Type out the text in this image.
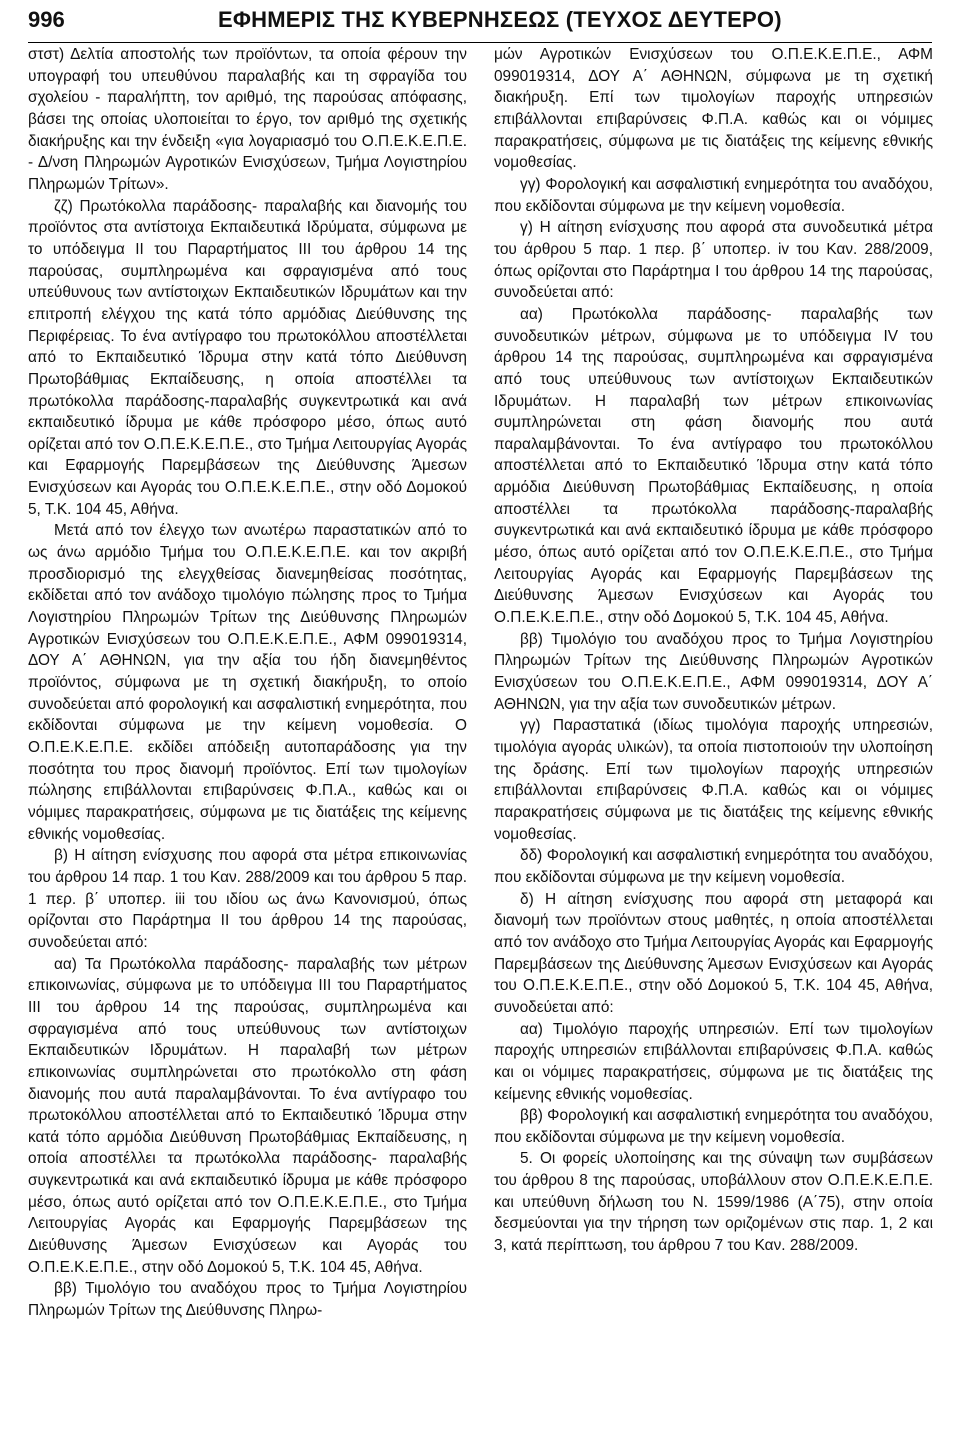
996	ΕΦΗΜΕΡΙΣ ΤΗΣ ΚΥΒΕΡΝΗΣΕΩΣ (ΤΕΥΧΟΣ ΔΕΥΤΕΡΟ)

στστ) Δελτία αποστολής των προϊόντων, τα οποία φέρουν την υπογραφή του υπευθύνου παραλαβής και τη σφραγίδα του σχολείου - παραλήπτη, τον αριθμό, της παρούσας απόφασης, βάσει της οποίας υλοποιείται το έργο, τον αριθμό της σχετικής διακήρυξης και την ένδειξη «για λογαριασμό του Ο.Π.Ε.Κ.Ε.Π.Ε. - Δ/νση Πληρωμών Αγροτικών Ενισχύσεων, Τμήμα Λογιστηρίου Πληρωμών Τρίτων».

ζζ) Πρωτόκολλα παράδοσης- παραλαβής και διανομής του προϊόντος στα αντίστοιχα Εκπαιδευτικά Ιδρύματα, σύμφωνα με το υπόδειγμα ΙΙ του Παραρτήματος ΙΙΙ του άρθρου 14 της παρούσας, συμπληρωμένα και σφραγισμένα από τους υπεύθυνους των αντίστοιχων Εκπαιδευτικών Ιδρυμάτων και την επιτροπή ελέγχου της κατά τόπο αρμόδιας Διεύθυνσης της Περιφέρειας. Το ένα αντίγραφο του πρωτοκόλλου αποστέλλεται από το Εκπαιδευτικό Ίδρυμα στην κατά τόπο Διεύθυνση Πρωτοβάθμιας Εκπαίδευσης, η οποία αποστέλλει τα πρωτόκολλα παράδοσης-παραλαβής συγκεντρωτικά και ανά εκπαιδευτικό ίδρυμα με κάθε πρόσφορο μέσο, όπως αυτό ορίζεται από τον Ο.Π.Ε.Κ.Ε.Π.Ε., στο Τμήμα Λειτουργίας Αγοράς και Εφαρμογής Παρεμβάσεων της Διεύθυνσης Άμεσων Ενισχύσεων και Αγοράς του Ο.Π.Ε.Κ.Ε.Π.Ε., στην οδό Δομοκού 5, Τ.Κ. 104 45, Αθήνα.

Μετά από τον έλεγχο των ανωτέρω παραστατικών από το ως άνω αρμόδιο Τμήμα του Ο.Π.Ε.Κ.Ε.Π.Ε. και τον ακριβή προσδιορισμό της ελεγχθείσας διανεμηθείσας ποσότητας, εκδίδεται από τον ανάδοχο τιμολόγιο πώλησης προς το Τμήμα Λογιστηρίου Πληρωμών Τρίτων της Διεύθυνσης Πληρωμών Αγροτικών Ενισχύσεων του Ο.Π.Ε.Κ.Ε.Π.Ε., ΑΦΜ 099019314, ΔΟΥ Α΄ ΑΘΗΝΩΝ, για την αξία του ήδη διανεμηθέντος προϊόντος, σύμφωνα με τη σχετική διακήρυξη, το οποίο συνοδεύεται από φορολογική και ασφαλιστική ενημερότητα, που εκδίδονται σύμφωνα με την κείμενη νομοθεσία. Ο Ο.Π.Ε.Κ.Ε.Π.Ε. εκδίδει απόδειξη αυτοπαράδοσης για την ποσότητα του προς διανομή προϊόντος. Επί των τιμολογίων πώλησης επιβάλλονται επιβαρύνσεις Φ.Π.Α., καθώς και οι νόμιμες παρακρατήσεις, σύμφωνα με τις διατάξεις της κείμενης εθνικής νομοθεσίας.

β) Η αίτηση ενίσχυσης που αφορά στα μέτρα επικοινωνίας του άρθρου 14 παρ. 1 του Καν. 288/2009 και του άρθρου 5 παρ. 1 περ. β΄ υποπερ. iii του ιδίου ως άνω Κανονισμού, όπως ορίζονται στο Παράρτημα ΙΙ του άρθρου 14 της παρούσας, συνοδεύεται από:

αα) Τα Πρωτόκολλα παράδοσης- παραλαβής των μέτρων επικοινωνίας, σύμφωνα με το υπόδειγμα ΙΙΙ του Παραρτήματος ΙΙΙ του άρθρου 14 της παρούσας, συμπληρωμένα και σφραγισμένα από τους υπεύθυνους των αντίστοιχων Εκπαιδευτικών Ιδρυμάτων. Η παραλαβή των μέτρων επικοινωνίας συμπληρώνεται στο πρωτόκολλο στη φάση διανομής που αυτά παραλαμβάνονται. Το ένα αντίγραφο του πρωτοκόλλου αποστέλλεται από το Εκπαιδευτικό Ίδρυμα στην κατά τόπο αρμόδια Διεύθυνση Πρωτοβάθμιας Εκπαίδευσης, η οποία αποστέλλει τα πρωτόκολλα παράδοσης- παραλαβής συγκεντρωτικά και ανά εκπαιδευτικό ίδρυμα με κάθε πρόσφορο μέσο, όπως αυτό ορίζεται από τον Ο.Π.Ε.Κ.Ε.Π.Ε., στο Τμήμα Λειτουργίας Αγοράς και Εφαρμογής Παρεμβάσεων της Διεύθυνσης Άμεσων Ενισχύσεων και Αγοράς του Ο.Π.Ε.Κ.Ε.Π.Ε., στην οδό Δομοκού 5, Τ.Κ. 104 45, Αθήνα.

ββ) Τιμολόγιο του αναδόχου προς το Τμήμα Λογιστηρίου Πληρωμών Τρίτων της Διεύθυνσης Πληρω-

μών Αγροτικών Ενισχύσεων του Ο.Π.Ε.Κ.Ε.Π.Ε., ΑΦΜ 099019314, ΔΟΥ Α΄ ΑΘΗΝΩΝ, σύμφωνα με τη σχετική διακήρυξη. Επί των τιμολογίων παροχής υπηρεσιών επιβάλλονται επιβαρύνσεις Φ.Π.Α. καθώς και οι νόμιμες παρακρατήσεις, σύμφωνα με τις διατάξεις της κείμενης εθνικής νομοθεσίας.

γγ) Φορολογική και ασφαλιστική ενημερότητα του αναδόχου, που εκδίδονται σύμφωνα με την κείμενη νομοθεσία.

γ) Η αίτηση ενίσχυσης που αφορά στα συνοδευτικά μέτρα του άρθρου 5 παρ. 1 περ. β΄ υποπερ. iv του Καν. 288/2009, όπως ορίζονται στο Παράρτημα Ι του άρθρου 14 της παρούσας, συνοδεύεται από:

αα) Πρωτόκολλα παράδοσης- παραλαβής των συνοδευτικών μέτρων, σύμφωνα με το υπόδειγμα IV του άρθρου 14 της παρούσας, συμπληρωμένα και σφραγισμένα από τους υπεύθυνους των αντίστοιχων Εκπαιδευτικών Ιδρυμάτων. Η παραλαβή των μέτρων επικοινωνίας συμπληρώνεται στη φάση διανομής που αυτά παραλαμβάνονται. Το ένα αντίγραφο του πρωτοκόλλου αποστέλλεται από το Εκπαιδευτικό Ίδρυμα στην κατά τόπο αρμόδια Διεύθυνση Πρωτοβάθμιας Εκπαίδευσης, η οποία αποστέλλει τα πρωτόκολλα παράδοσης-παραλαβής συγκεντρωτικά και ανά εκπαιδευτικό ίδρυμα με κάθε πρόσφορο μέσο, όπως αυτό ορίζεται από τον Ο.Π.Ε.Κ.Ε.Π.Ε., στο Τμήμα Λειτουργίας Αγοράς και Εφαρμογής Παρεμβάσεων της Διεύθυνσης Άμεσων Ενισχύσεων και Αγοράς του Ο.Π.Ε.Κ.Ε.Π.Ε., στην οδό Δομοκού 5, Τ.Κ. 104 45, Αθήνα.

ββ) Τιμολόγιο του αναδόχου προς το Τμήμα Λογιστηρίου Πληρωμών Τρίτων της Διεύθυνσης Πληρωμών Αγροτικών Ενισχύσεων του Ο.Π.Ε.Κ.Ε.Π.Ε., ΑΦΜ 099019314, ΔΟΥ Α΄ ΑΘΗΝΩΝ, για την αξία των συνοδευτικών μέτρων.

γγ) Παραστατικά (ιδίως τιμολόγια παροχής υπηρεσιών, τιμολόγια αγοράς υλικών), τα οποία πιστοποιούν την υλοποίηση της δράσης. Επί των τιμολογίων παροχής υπηρεσιών επιβάλλονται επιβαρύνσεις Φ.Π.Α. καθώς και οι νόμιμες παρακρατήσεις σύμφωνα με τις διατάξεις της κείμενης εθνικής νομοθεσίας.

δδ) Φορολογική και ασφαλιστική ενημερότητα του αναδόχου, που εκδίδονται σύμφωνα με την κείμενη νομοθεσία.

δ) Η αίτηση ενίσχυσης που αφορά στη μεταφορά και διανομή των προϊόντων στους μαθητές, η οποία αποστέλλεται από τον ανάδοχο στο Τμήμα Λειτουργίας Αγοράς και Εφαρμογής Παρεμβάσεων της Διεύθυνσης Άμεσων Ενισχύσεων και Αγοράς του Ο.Π.Ε.Κ.Ε.Π.Ε., στην οδό Δομοκού 5, Τ.Κ. 104 45, Αθήνα, συνοδεύεται από:

αα) Τιμολόγιο παροχής υπηρεσιών. Επί των τιμολογίων παροχής υπηρεσιών επιβάλλονται επιβαρύνσεις Φ.Π.Α. καθώς και οι νόμιμες παρακρατήσεις, σύμφωνα με τις διατάξεις της κείμενης εθνικής νομοθεσίας.

ββ) Φορολογική και ασφαλιστική ενημερότητα του αναδόχου, που εκδίδονται σύμφωνα με την κείμενη νομοθεσία.

5. Οι φορείς υλοποίησης και της σύναψη των συμβάσεων του άρθρου 8 της παρούσας, υποβάλλουν στον Ο.Π.Ε.Κ.Ε.Π.Ε. και υπεύθυνη δήλωση του Ν. 1599/1986 (Α΄75), στην οποία δεσμεύονται για την τήρηση των οριζομένων στις παρ. 1, 2 και 3, κατά περίπτωση, του άρθρου 7 του Καν. 288/2009.
